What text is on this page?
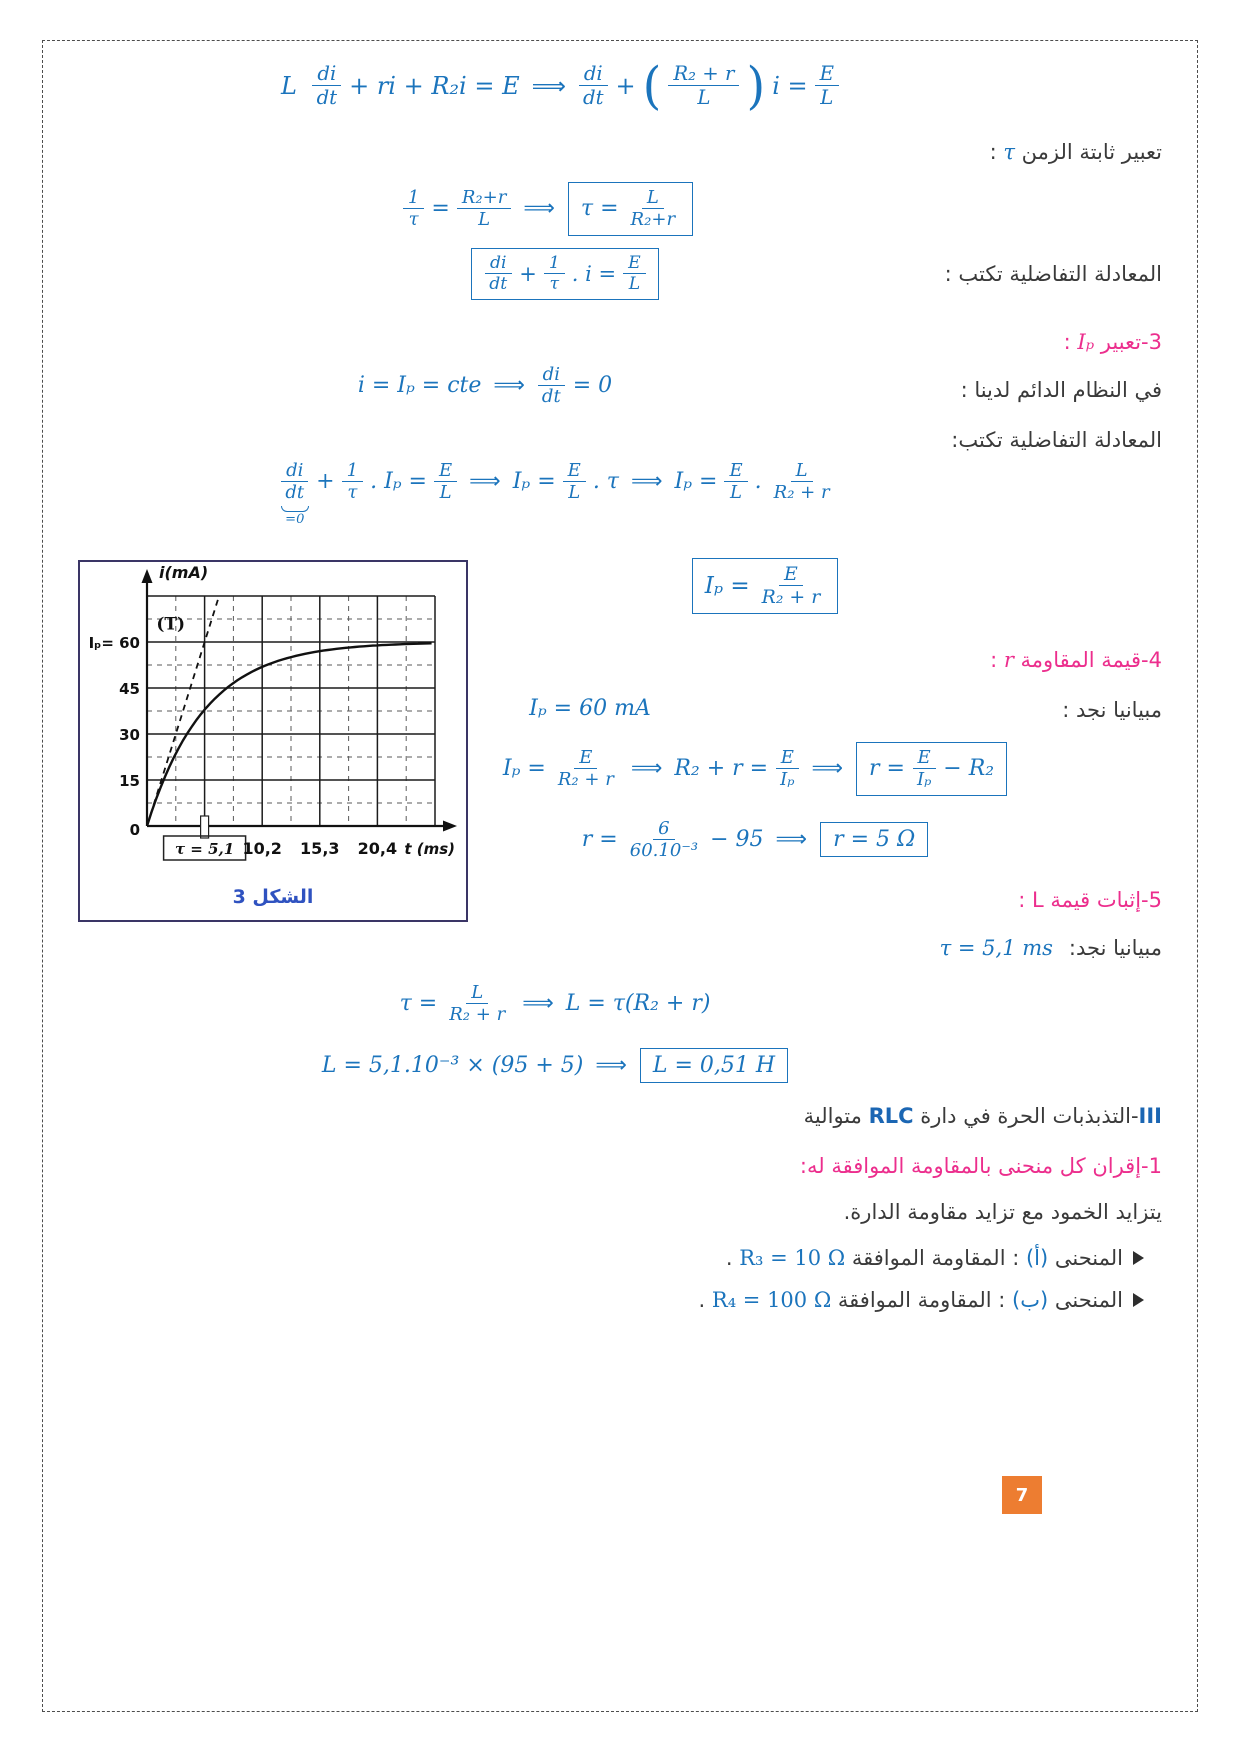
L $\frac{di}{dt}$ + ri + R₂i = E ⟹ $\frac{di}{dt}$ + ( $\frac{\text{R₂ + r}}{L}$ ) $i = \frac{E}{L}$
تعبير ثابتة الزمن τ :
$\frac{1}{\tau} = \frac{\text{R₂+r}}{L}$ ⟹ $\tau = \frac{L}{\text{R₂+r}}$
المعادلة التفاضلية تكتب :
$\frac{di}{dt} + \frac{1}{\tau}$ . $i = \frac{E}{L}$
3-تعبير Iₚ :
في النظام الدائم لدينا :
i = Iₚ = cte ⟹ $\frac{di}{dt} = 0$
المعادلة التفاضلية تكتب:
$\frac{di}{dt}$
=0
+ $\frac{1}{\tau}$ . $I_p = \frac{E}{L}$ ⟹ $I_p = \frac{E}{L}$ . τ ⟹ $I_p = \frac{E}{L}$ . $\frac{L}{\text{R₂ + r}}$
(T)
0
15
30
45
Iₚ= 60
τ = 5,1 10,2 15,3 20,4
i(mA)
t (ms)
الشكل 3
$I_p = \frac{E}{\text{R₂ + r}}$
4-قيمة المقاومة r :
مبيانيا نجد :
Iₚ = 60 mA
$I_p = \frac{E}{\text{R₂ + r}}$ ⟹ $R_2 + r = \frac{E}{\text{Iₚ}}$ ⟹ $r = \frac{E}{\text{Iₚ}} - R_2$
$r = \frac{6}{\text{60.10⁻³}} - 95$ ⟹ r = 5 Ω
5-إثبات قيمة L :
مبيانيا نجد:τ = 5,1 ms
$\tau = \frac{L}{\text{R₂ + r}}$ ⟹ L = τ(R₂ + r)
L = 5,1.10⁻³ × (95 + 5) ⟹ L = 0,51 H
III-التذبذبات الحرة في دارة RLC متوالية
1-إقران كل منحنى بالمقاومة الموافقة له:
يتزايد الخمود مع تزايد مقاومة الدارة.
المنحنى (أ) : المقاومة الموافقة R₃ = 10 Ω .
المنحنى (ب) : المقاومة الموافقة R₄ = 100 Ω .
7
